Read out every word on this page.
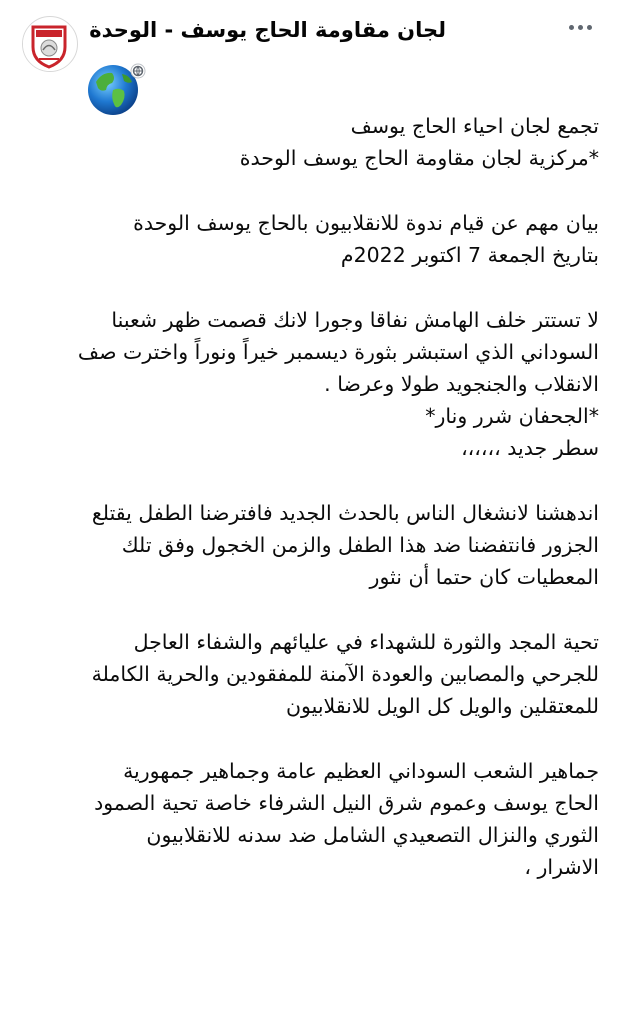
لجان مقاومة الحاج يوسف - الوحدة
تجمع لجان احياء الحاج يوسف
*مركزية لجان مقاومة الحاج يوسف الوحدة
بيان مهم عن قيام ندوة للانقلابيون بالحاج يوسف الوحدة
بتاريخ الجمعة 7 اكتوبر 2022م
لا تستتر خلف الهامش نفاقا وجورا لانك قصمت ظهر شعبنا
السوداني الذي استبشر بثورة ديسمبر خيراً ونوراً واخترت صف
الانقلاب والجنجويد طولا وعرضا .
*الجحفان شرر ونار*
سطر جديد ،،،،،،
اندهشنا لانشغال الناس بالحدث الجديد فافترضنا الطفل يقتلع
الجزور فانتفضنا ضد هذا الطفل والزمن الخجول وفق تلك
المعطيات كان حتما أن نثور
تحية المجد والثورة للشهداء في عليائهم والشفاء العاجل
للجرحي والمصابين والعودة الآمنة للمفقودين والحرية الكاملة
للمعتقلين والويل كل الويل للانقلابيون
جماهير الشعب السوداني العظيم عامة وجماهير جمهورية
الحاج يوسف وعموم شرق النيل الشرفاء خاصة تحية الصمود
الثوري والنزال التصعيدي الشامل ضد سدنه للانقلابيون
الاشرار ،
